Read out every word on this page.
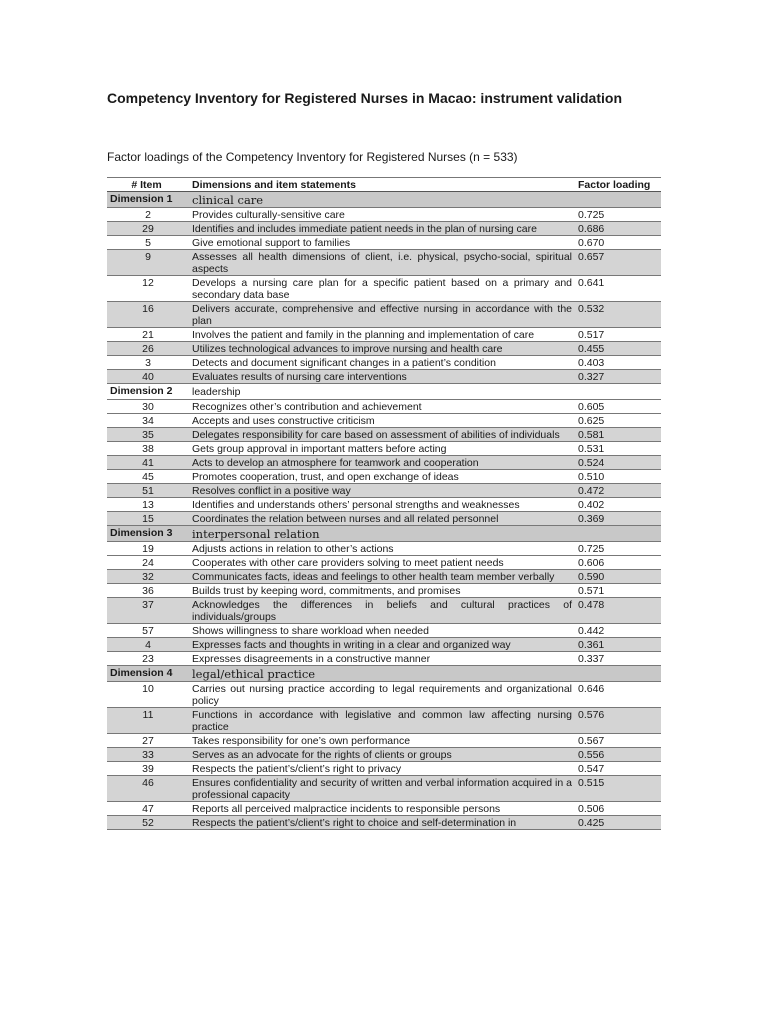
Competency Inventory for Registered Nurses in Macao: instrument validation
Factor loadings of the Competency Inventory for Registered Nurses (n = 533)
# Item	Dimensions and item statements	Factor loading
Dimension 1	clinical care	
2	Provides culturally-sensitive care	0.725
29	Identifies and includes immediate patient needs in the plan of nursing care	0.686
5	Give emotional support to families	0.670
9	Assesses all health dimensions of client, i.e. physical, psycho-social, spiritual aspects	0.657
12	Develops a nursing care plan for a specific patient based on a primary and secondary data base	0.641
16	Delivers accurate, comprehensive and effective nursing in accordance with the plan	0.532
21	Involves the patient and family in the planning and implementation of care	0.517
26	Utilizes technological advances to improve nursing and health care	0.455
3	Detects and document significant changes in a patient’s condition	0.403
40	Evaluates results of nursing care interventions	0.327
Dimension 2	leadership	
30	Recognizes other’s contribution and achievement	0.605
34	Accepts and uses constructive criticism	0.625
35	Delegates responsibility for care based on assessment of abilities of individuals	0.581
38	Gets group approval in important matters before acting	0.531
41	Acts to develop an atmosphere for teamwork and cooperation	0.524
45	Promotes cooperation, trust, and open exchange of ideas	0.510
51	Resolves conflict in a positive way	0.472
13	Identifies and understands others’ personal strengths and weaknesses	0.402
15	Coordinates the relation between nurses and all related personnel	0.369
Dimension 3	interpersonal relation	
19	Adjusts actions in relation to other’s actions	0.725
24	Cooperates with other care providers solving to meet patient needs	0.606
32	Communicates facts, ideas and feelings to other health team member verbally	0.590
36	Builds trust by keeping word, commitments, and promises	0.571
37	Acknowledges the differences in beliefs and cultural practices of individuals/groups	0.478
57	Shows willingness to share workload when needed	0.442
4	Expresses facts and thoughts in writing in a clear and organized way	0.361
23	Expresses disagreements in a constructive manner	0.337
Dimension 4	legal/ethical practice	
10	Carries out nursing practice according to legal requirements and organizational policy	0.646
11	Functions in accordance with legislative and common law affecting nursing practice	0.576
27	Takes responsibility for one’s own performance	0.567
33	Serves as an advocate for the rights of clients or groups	0.556
39	Respects the patient’s/client’s right to privacy	0.547
46	Ensures confidentiality and security of written and verbal information acquired in a professional capacity	0.515
47	Reports all perceived malpractice incidents to responsible persons	0.506
52	Respects the patient’s/client’s right to choice and self-determination in	0.425
